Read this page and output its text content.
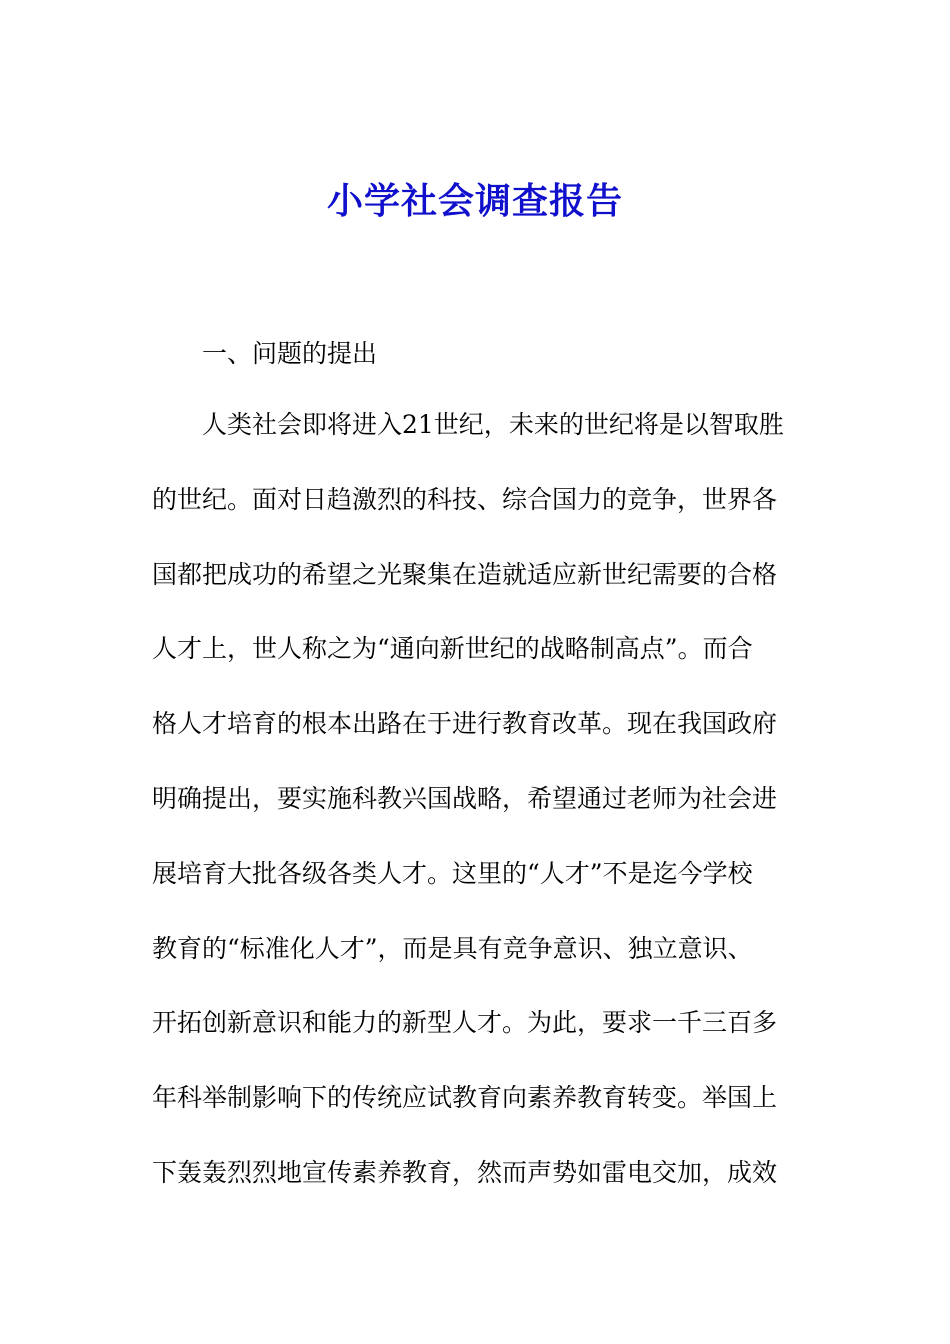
小学社会调查报告

一、问题的提出

人类社会即将进入21世纪，未来的世纪将是以智取胜

的世纪。面对日趋激烈的科技、综合国力的竞争，世界各

国都把成功的希望之光聚集在造就适应新世纪需要的合格

人才上，世人称之为“通向新世纪的战略制高点”。而合

格人才培育的根本出路在于进行教育改革。现在我国政府

明确提出，要实施科教兴国战略，希望通过老师为社会进

展培育大批各级各类人才。这里的“人才”不是迄今学校

教育的“标准化人才”，而是具有竞争意识、独立意识、

开拓创新意识和能力的新型人才。为此，要求一千三百多

年科举制影响下的传统应试教育向素养教育转变。举国上

下轰轰烈烈地宣传素养教育，然而声势如雷电交加，成效
